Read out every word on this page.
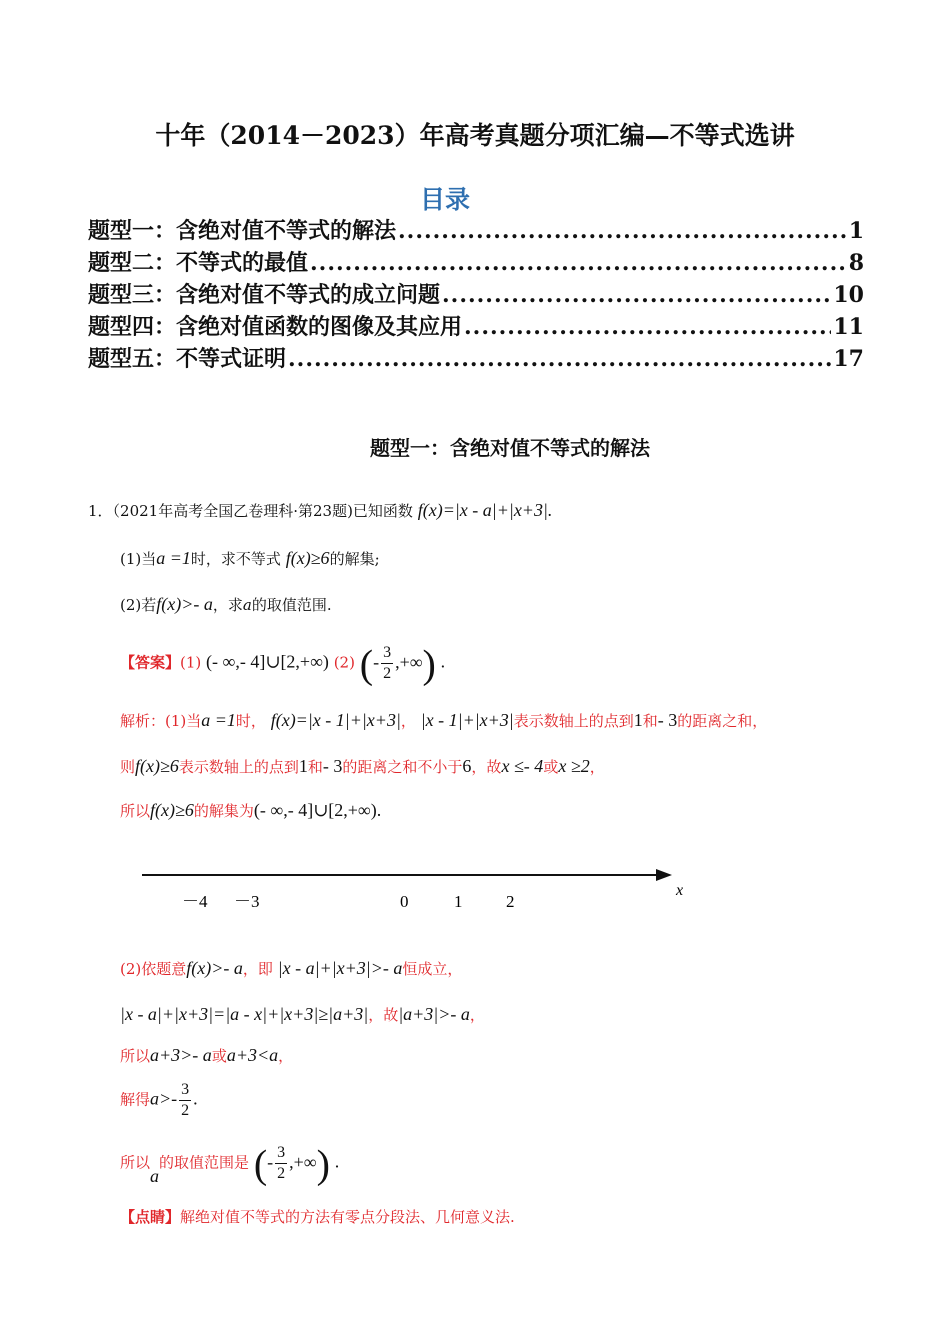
十年（2014－2023）年高考真题分项汇编—不等式选讲
目录
题型一：含绝对值不等式的解法 .....	1
题型二：不等式的最值 .....	8
题型三：含绝对值不等式的成立问题 .....	10
题型四：含绝对值函数的图像及其应用 .....	11
题型五：不等式证明 .....	17
题型一：含绝对值不等式的解法
1．（2021年高考全国乙卷理科·第23题)已知函数 f(x)=|x - a|+|x+3|.
(1)当a =1时，求不等式 f(x)≥6的解集;
(2)若f(x)>- a，求a的取值范围.
【答案】(1) (- ∞,- 4]∪[2,+∞) (2) (- $\frac{3}{2}$ ,+∞) .
解析：(1)当a =1时， f(x)=|x - 1|+|x+3|， |x - 1|+|x+3|表示数轴上的点到1和- 3的距离之和，
则f(x)≥6表示数轴上的点到1和- 3的距离之和不小于6，故x ≤- 4或x ≥2，
所以f(x)≥6的解集为(- ∞,- 4]∪[2,+∞).
－4 －3	0	1	2
x
(2)依题意f(x)>- a，即 |x - a|+|x+3|>- a恒成立，
|x - a|+|x+3|=|a - x|+|x+3|≥|a+3|，故|a+3|>- a，
所以a+3>- a或a+3<a，
解得$a>- \frac{3}{2}$ .
所以a的取值范围是 (- $\frac{3}{2}$ ,+∞) .
【点睛】解绝对值不等式的方法有零点分段法、几何意义法.
